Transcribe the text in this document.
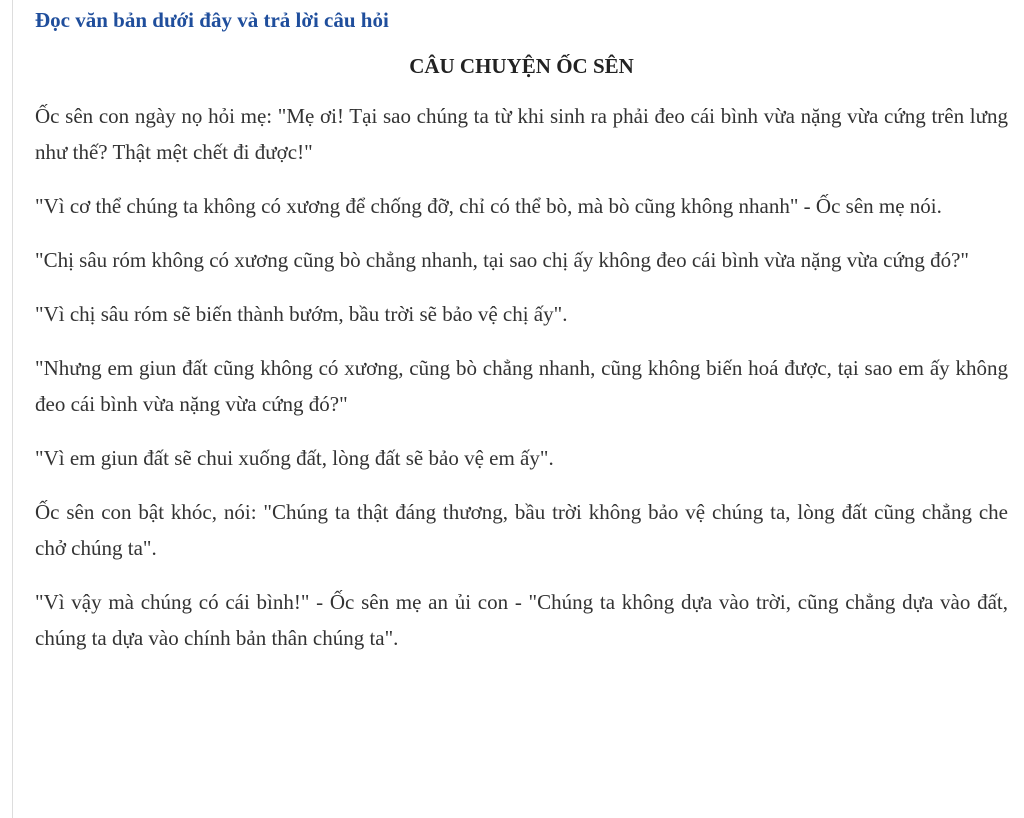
Đọc văn bản dưới đây và trả lời câu hỏi
CÂU CHUYỆN ỐC SÊN

Ốc sên con ngày nọ hỏi mẹ: "Mẹ ơi! Tại sao chúng ta từ khi sinh ra phải đeo cái bình vừa nặng vừa cứng trên lưng như thế? Thật mệt chết đi được!"

"Vì cơ thể chúng ta không có xương để chống đỡ, chỉ có thể bò, mà bò cũng không nhanh" - Ốc sên mẹ nói.

"Chị sâu róm không có xương cũng bò chẳng nhanh, tại sao chị ấy không đeo cái bình vừa nặng vừa cứng đó?"

"Vì chị sâu róm sẽ biến thành bướm, bầu trời sẽ bảo vệ chị ấy".

"Nhưng em giun đất cũng không có xương, cũng bò chẳng nhanh, cũng không biến hoá được, tại sao em ấy không đeo cái bình vừa nặng vừa cứng đó?"

"Vì em giun đất sẽ chui xuống đất, lòng đất sẽ bảo vệ em ấy".

Ốc sên con bật khóc, nói: "Chúng ta thật đáng thương, bầu trời không bảo vệ chúng ta, lòng đất cũng chẳng che chở chúng ta".

"Vì vậy mà chúng có cái bình!" - Ốc sên mẹ an ủi con - "Chúng ta không dựa vào trời, cũng chẳng dựa vào đất, chúng ta dựa vào chính bản thân chúng ta".
